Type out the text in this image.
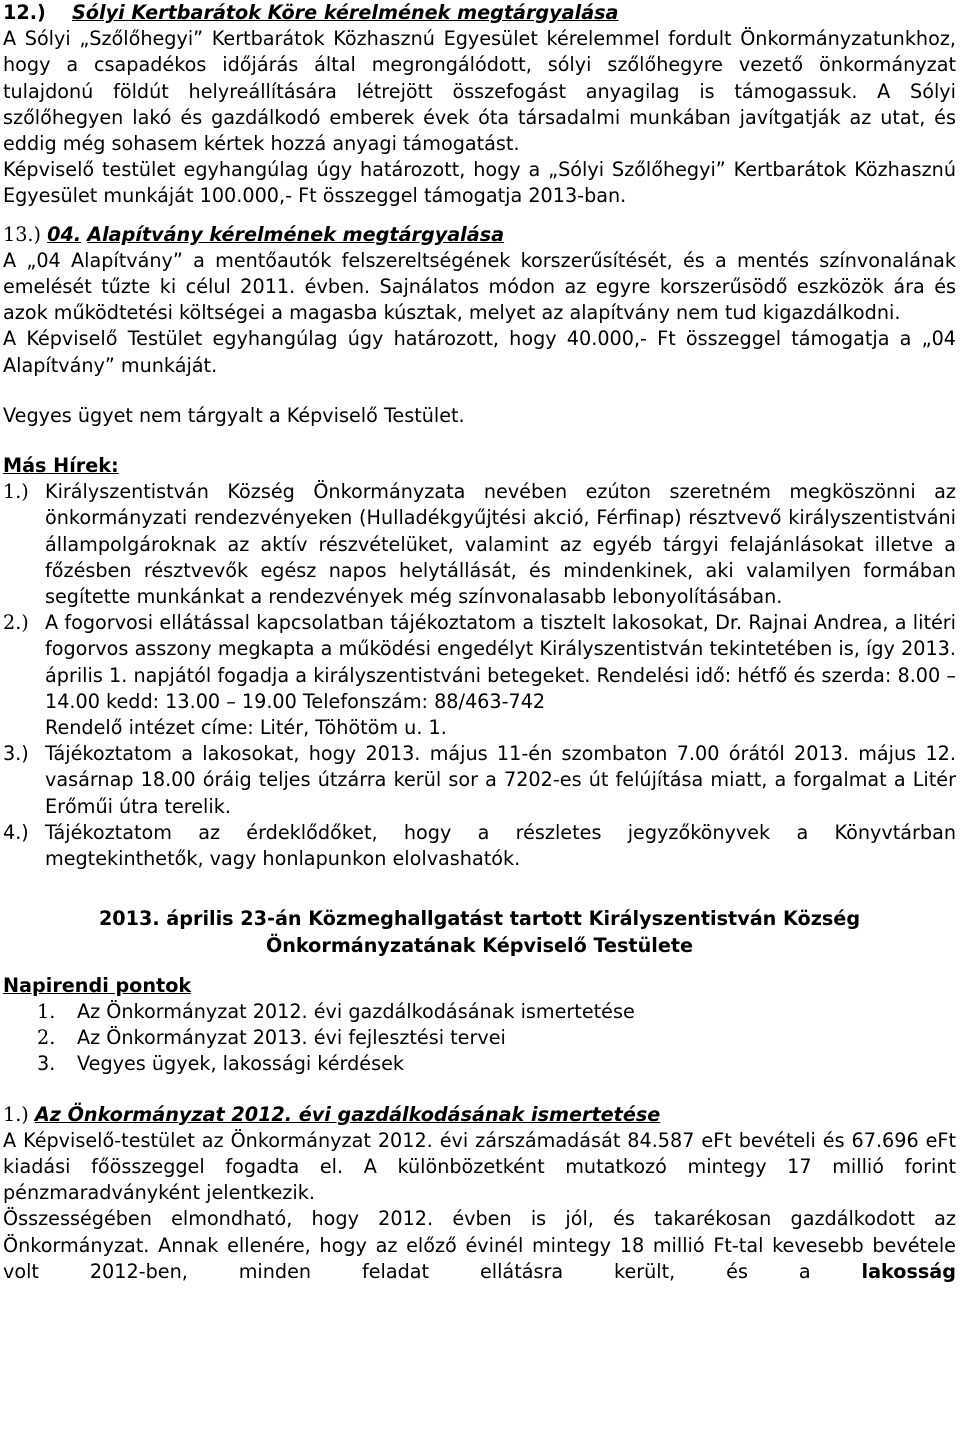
12.) Sólyi Kertbarátok Köre kérelmének megtárgyalása

A Sólyi „Szőlőhegyi” Kertbarátok Közhasznú Egyesület kérelemmel fordult Önkormányzatunkhoz, hogy a csapadékos időjárás által megrongálódott, sólyi szőlőhegyre vezető önkormányzat tulajdonú földút helyreállítására létrejött összefogást anyagilag is támogassuk. A Sólyi szőlőhegyen lakó és gazdálkodó emberek évek óta társadalmi munkában javítgatják az utat, és eddig még sohasem kértek hozzá anyagi támogatást.

Képviselő testület egyhangúlag úgy határozott, hogy a „Sólyi Szőlőhegyi” Kertbarátok Közhasznú Egyesület munkáját 100.000,- Ft összeggel támogatja 2013-ban.

13.) 04. Alapítvány kérelmének megtárgyalása

A „04 Alapítvány” a mentőautók felszereltségének korszerűsítését, és a mentés színvonalának emelését tűzte ki célul 2011. évben. Sajnálatos módon az egyre korszerűsödő eszközök ára és azok működtetési költségei a magasba kúsztak, melyet az alapítvány nem tud kigazdálkodni.

A Képviselő Testület egyhangúlag úgy határozott, hogy 40.000,- Ft összeggel támogatja a „04 Alapítvány” munkáját.

Vegyes ügyet nem tárgyalt a Képviselő Testület.

Más Hírek:

1.) Királyszentistván Község Önkormányzata nevében ezúton szeretném megköszönni az önkormányzati rendezvényeken (Hulladékgyűjtési akció, Férfinap) résztvevő királyszentistváni állampolgároknak az aktív részvételüket, valamint az egyéb tárgyi felajánlásokat illetve a főzésben résztvevők egész napos helytállását, és mindenkinek, aki valamilyen formában segítette munkánkat a rendezvények még színvonalasabb lebonyolításában.
2.) A fogorvosi ellátással kapcsolatban tájékoztatom a tisztelt lakosokat, Dr. Rajnai Andrea, a litéri fogorvos asszony megkapta a működési engedélyt Királyszentistván tekintetében is, így 2013. április 1. napjától fogadja a királyszentistváni betegeket. Rendelési idő: hétfő és szerda: 8.00 – 14.00 kedd: 13.00 – 19.00 Telefonszám: 88/463-742
Rendelő intézet címe: Litér, Töhötöm u. 1.
3.) Tájékoztatom a lakosokat, hogy 2013. május 11-én szombaton 7.00 órától 2013. május 12. vasárnap 18.00 óráig teljes útzárra kerül sor a 7202-es út felújítása miatt, a forgalmat a Litér Erőműi útra terelik.
4.) Tájékoztatom az érdeklődőket, hogy a részletes jegyzőkönyvek a Könyvtárban megtekinthetők, vagy honlapunkon elolvashatók.

2013. április 23-án Közmeghallgatást tartott Királyszentistván Község

Önkormányzatának Képviselő Testülete

Napirendi pontok

1.	Az Önkormányzat 2012. évi gazdálkodásának ismertetése
2.	Az Önkormányzat 2013. évi fejlesztési tervei
3.	Vegyes ügyek, lakossági kérdések

1.) Az Önkormányzat 2012. évi gazdálkodásának ismertetése

A Képviselő-testület az Önkormányzat 2012. évi zárszámadását 84.587 eFt bevételi és 67.696 eFt kiadási főösszeggel fogadta el. A különbözetként mutatkozó mintegy 17 millió forint pénzmaradványként jelentkezik.

Összességében elmondható, hogy 2012. évben is jól, és takarékosan gazdálkodott az Önkormányzat. Annak ellenére, hogy az előző évinél mintegy 18 millió Ft-tal kevesebb bevétele volt 2012-ben, minden feladat ellátásra került, és a	lakosság
